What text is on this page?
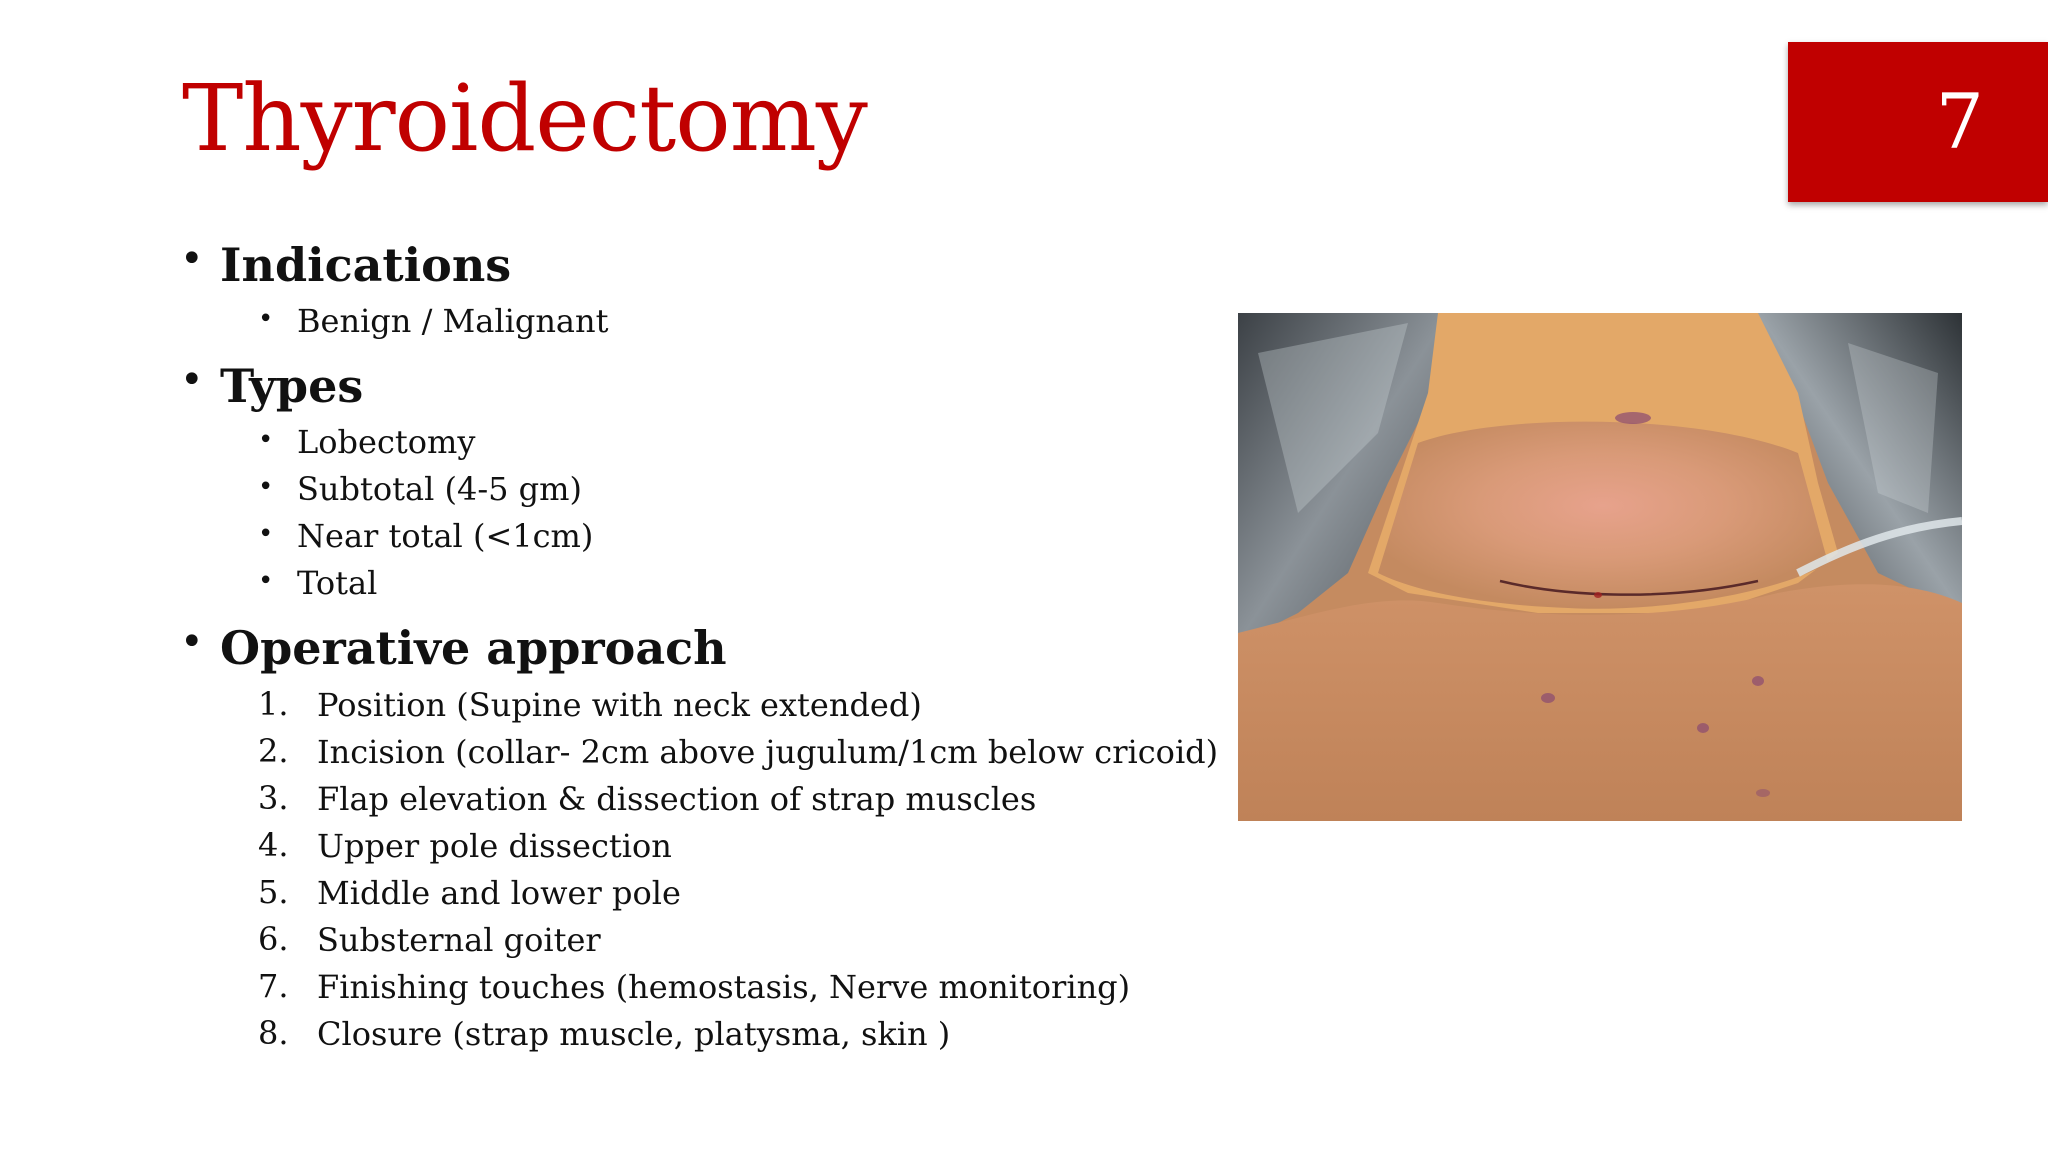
Thyroidectomy	7
• Indications
• Benign / Malignant
• Types
• Lobectomy
• Subtotal (4-5 gm)
• Near total (<1cm)
• Total
• Operative approach
1. Position (Supine with neck extended)
2. Incision (collar- 2cm above jugulum/1cm below cricoid)
3. Flap elevation & dissection of strap muscles
4. Upper pole dissection
5. Middle and lower pole
6. Substernal goiter
7. Finishing touches (hemostasis, Nerve monitoring)
8. Closure (strap muscle, platysma, skin )
